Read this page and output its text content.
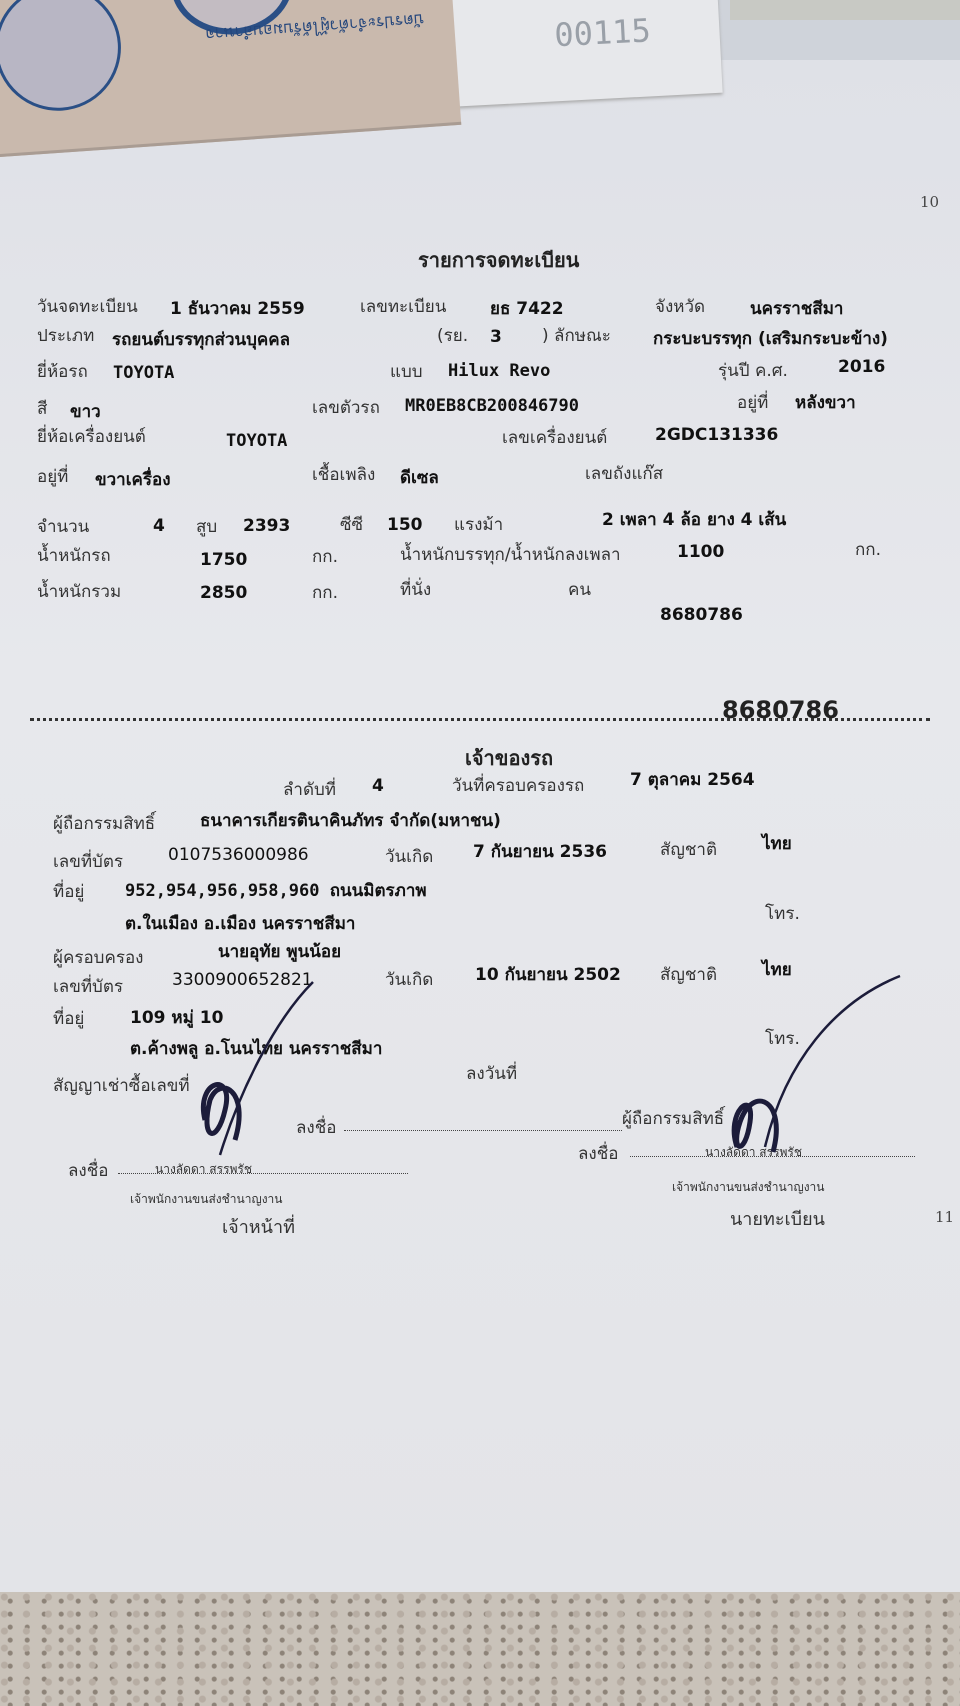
00115
บัตรประจำตัวผู้ได้รับมอบอำนาจ
10
รายการจดทะเบียน
วันจดทะเบียน 1 ธันวาคม 2559	เลขทะเบียน	ยธ 7422	จังหวัด	นครราชสีมา
ประเภท รถยนต์บรรทุกส่วนบุคคล	(รย. 3 ) ลักษณะ กระบะบรรทุก (เสริมกระบะข้าง)
ยี่ห้อรถ TOYOTA	แบบ Hilux Revo	รุ่นปี ค.ศ.	2016
สี ขาว	เลขตัวรถ MR0EB8CB200846790	อยู่ที่ หลังขวา
ยี่ห้อเครื่องยนต์	TOYOTA	เลขเครื่องยนต์	2GDC131336
อยู่ที่ ขวาเครื่อง	เชื้อเพลิง ดีเซล	เลขถังแก๊ส
จำนวน	4 สูบ 2393	ซีซี 150 แรงม้า	2 เพลา 4 ล้อ ยาง 4 เส้น
น้ำหนักรถ	1750	กก.	น้ำหนักบรรทุก/น้ำหนักลงเพลา	1100	กก.
น้ำหนักรวม	2850	กก.	ที่นั่ง	คน
8680786
8680786
เจ้าของรถ
ลำดับที่ 4	วันที่ครอบครองรถ	7 ตุลาคม 2564
ผู้ถือกรรมสิทธิ์	ธนาคารเกียรตินาคินภัทร จำกัด(มหาชน)
เลขที่บัตร	0107536000986	วันเกิด 7 กันยายน 2536	สัญชาติ	ไทย
ที่อยู่ 952,954,956,958,960 ถนนมิตรภาพ
ต.ในเมือง อ.เมือง นครราชสีมา	โทร.
ผู้ครอบครอง	นายอุทัย พูนน้อย
เลขที่บัตร	3300900652821	วันเกิด 10 กันยายน 2502 สัญชาติ	ไทย
ที่อยู่	109 หมู่ 10
ต.ค้างพลู อ.โนนไทย นครราชสีมา	โทร.
สัญญาเช่าซื้อเลขที่
ลงวันที่
ลงชื่อ	ผู้ถือกรรมสิทธิ์
ลงชื่อ	นางลัดดา สรรพรัช
เจ้าพนักงานขนส่งชำนาญงาน
เจ้าหน้าที่
ลงชื่อ	นางลัดดา สรรพรัช
เจ้าพนักงานขนส่งชำนาญงาน
นายทะเบียน	11
